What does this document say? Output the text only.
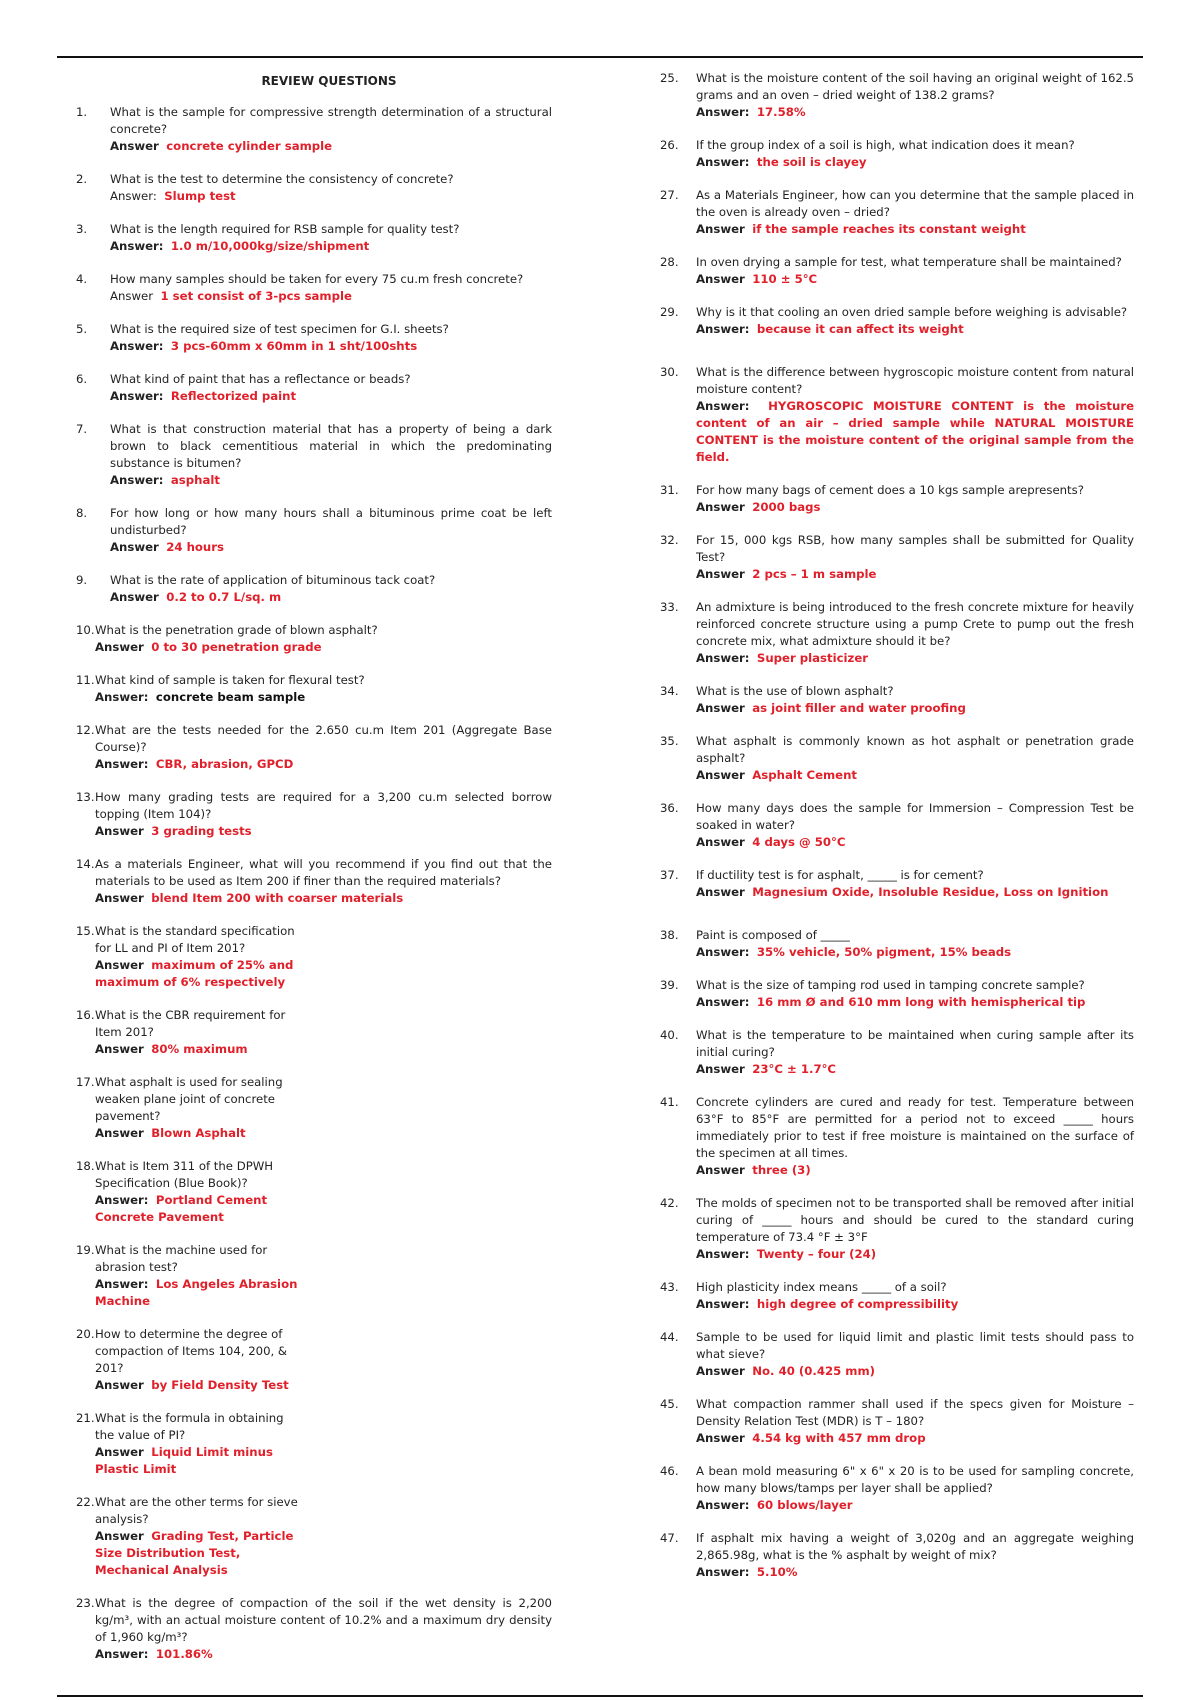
REVIEW QUESTIONS
1.	What is the sample for compressive strength determination of a structural concrete?
Answer concrete cylinder sample
2.	What is the test to determine the consistency of concrete?
Answer: Slump test
3.	What is the length required for RSB sample for quality test?
Answer: 1.0 m/10,000kg/size/shipment
4.	How many samples should be taken for every 75 cu.m fresh concrete?
Answer 1 set consist of 3-pcs sample
5.	What is the required size of test specimen for G.I. sheets?
Answer: 3 pcs-60mm x 60mm in 1 sht/100shts
6.	What kind of paint that has a reflectance or beads?
Answer: Reflectorized paint
7.	What is that construction material that has a property of being a dark brown to black cementitious material in which the predominating substance is bitumen?
Answer: asphalt
8.	For how long or how many hours shall a bituminous prime coat be left undisturbed?
Answer 24 hours
9.	What is the rate of application of bituminous tack coat?
Answer 0.2 to 0.7 L/sq. m
10. What is the penetration grade of blown asphalt?
Answer 0 to 30 penetration grade
11. What kind of sample is taken for flexural test?
Answer: concrete beam sample
12. What are the tests needed for the 2.650 cu.m Item 201 (Aggregate Base Course)?
Answer: CBR, abrasion, GPCD
13. How many grading tests are required for a 3,200 cu.m selected borrow topping (Item 104)?
Answer 3 grading tests
14. As a materials Engineer, what will you recommend if you find out that the materials to be used as Item 200 if finer than the required materials?
Answer blend Item 200 with coarser materials
15. What is the standard specification for LL and PI of Item 201?
Answer maximum of 25% and maximum of 6% respectively
16. What is the CBR requirement for Item 201?
Answer 80% maximum
17. What asphalt is used for sealing weaken plane joint of concrete pavement?
Answer Blown Asphalt
18. What is Item 311 of the DPWH Specification (Blue Book)?
Answer: Portland Cement Concrete Pavement
19. What is the machine used for abrasion test?
Answer: Los Angeles Abrasion Machine
20. How to determine the degree of compaction of Items 104, 200, & 201?
Answer by Field Density Test
21. What is the formula in obtaining the value of PI?
Answer Liquid Limit minus Plastic Limit
22. What are the other terms for sieve analysis?
Answer Grading Test, Particle Size Distribution Test, Mechanical Analysis
23. What is the degree of compaction of the soil if the wet density is 2,200 kg/m³, with an actual moisture content of 10.2% and a maximum dry density of 1,960 kg/m³?
Answer: 101.86%
25.	What is the moisture content of the soil having an original weight of 162.5 grams and an oven – dried weight of 138.2 grams?
Answer: 17.58%
26.	If the group index of a soil is high, what indication does it mean?
Answer: the soil is clayey
27.	As a Materials Engineer, how can you determine that the sample placed in the oven is already oven – dried?
Answer if the sample reaches its constant weight
28.	In oven drying a sample for test, what temperature shall be maintained?
Answer 110 ± 5°C
29.	Why is it that cooling an oven dried sample before weighing is advisable?
Answer: because it can affect its weight
30.	What is the difference between hygroscopic moisture content from natural moisture content?
Answer: HYGROSCOPIC MOISTURE CONTENT is the moisture content of an air – dried sample while NATURAL MOISTURE CONTENT is the moisture content of the original sample from the field.
31.	For how many bags of cement does a 10 kgs sample arepresents?
Answer 2000 bags
32.	For 15, 000 kgs RSB, how many samples shall be submitted for Quality Test?
Answer 2 pcs – 1 m sample
33.	An admixture is being introduced to the fresh concrete mixture for heavily reinforced concrete structure using a pump Crete to pump out the fresh concrete mix, what admixture should it be?
Answer: Super plasticizer
34.	What is the use of blown asphalt?
Answer as joint filler and water proofing
35.	What asphalt is commonly known as hot asphalt or penetration grade asphalt?
Answer Asphalt Cement
36.	How many days does the sample for Immersion – Compression Test be soaked in water?
Answer 4 days @ 50°C
37.	If ductility test is for asphalt, _____ is for cement?
Answer Magnesium Oxide, Insoluble Residue, Loss on Ignition
38.	Paint is composed of _____
Answer: 35% vehicle, 50% pigment, 15% beads
39.	What is the size of tamping rod used in tamping concrete sample?
Answer: 16 mm Ø and 610 mm long with hemispherical tip
40.	What is the temperature to be maintained when curing sample after its initial curing?
Answer 23°C ± 1.7°C
41.	Concrete cylinders are cured and ready for test. Temperature between 63°F to 85°F are permitted for a period not to exceed _____ hours immediately prior to test if free moisture is maintained on the surface of the specimen at all times.
Answer three (3)
42.	The molds of specimen not to be transported shall be removed after initial curing of _____ hours and should be cured to the standard curing temperature of 73.4 °F ± 3°F
Answer: Twenty – four (24)
43.	High plasticity index means _____ of a soil?
Answer: high degree of compressibility
44.	Sample to be used for liquid limit and plastic limit tests should pass to what sieve?
Answer No. 40 (0.425 mm)
45.	What compaction rammer shall used if the specs given for Moisture – Density Relation Test (MDR) is T – 180?
Answer 4.54 kg with 457 mm drop
46.	A bean mold measuring 6" x 6" x 20 is to be used for sampling concrete, how many blows/tamps per layer shall be applied?
Answer: 60 blows/layer
47.	If asphalt mix having a weight of 3,020g and an aggregate weighing 2,865.98g, what is the % asphalt by weight of mix?
Answer: 5.10%
